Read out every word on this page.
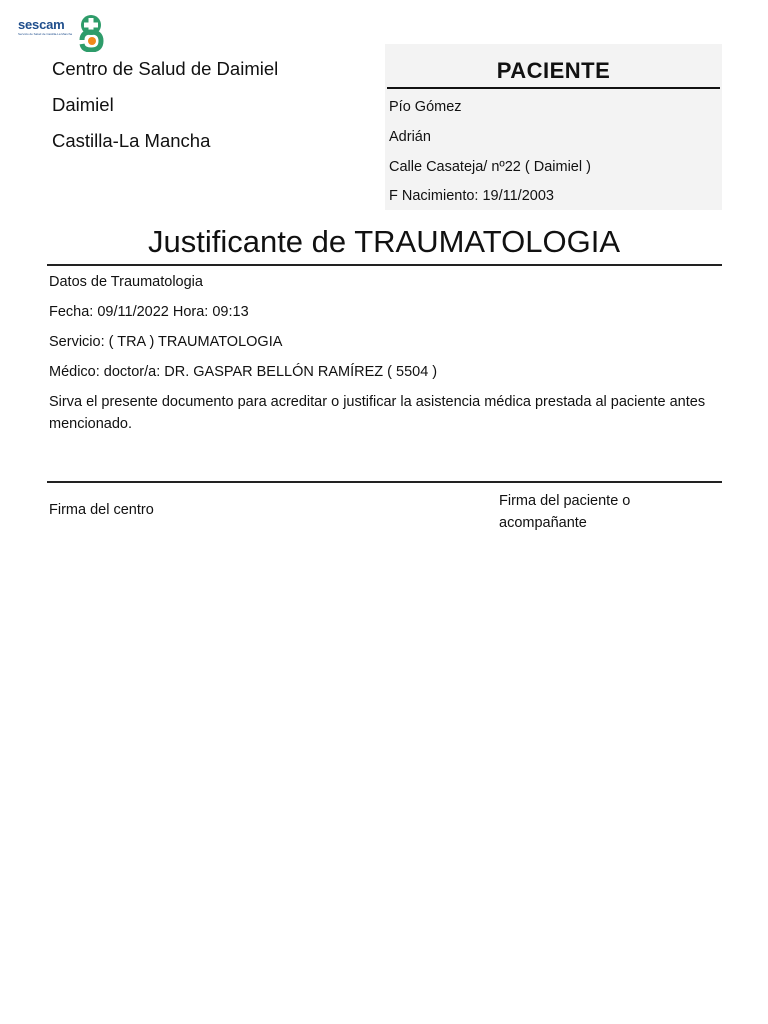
sescam
Servicio de Salud de Castilla-La Mancha
Centro de Salud de Daimiel
Daimiel
Castilla-La Mancha
PACIENTE
Pío Gómez
Adrián
Calle Casateja/ nº22 ( Daimiel )
F Nacimiento: 19/11/2003
Justificante de TRAUMATOLOGIA
Datos de Traumatologia
Fecha: 09/11/2022 Hora: 09:13
Servicio: ( TRA ) TRAUMATOLOGIA
Médico: doctor/a: DR. GASPAR BELLÓN RAMÍREZ ( 5504 )
Sirva el presente documento para acreditar o justificar la asistencia médica prestada al paciente antes mencionado.
Firma del centro
Firma del paciente o acompañante
